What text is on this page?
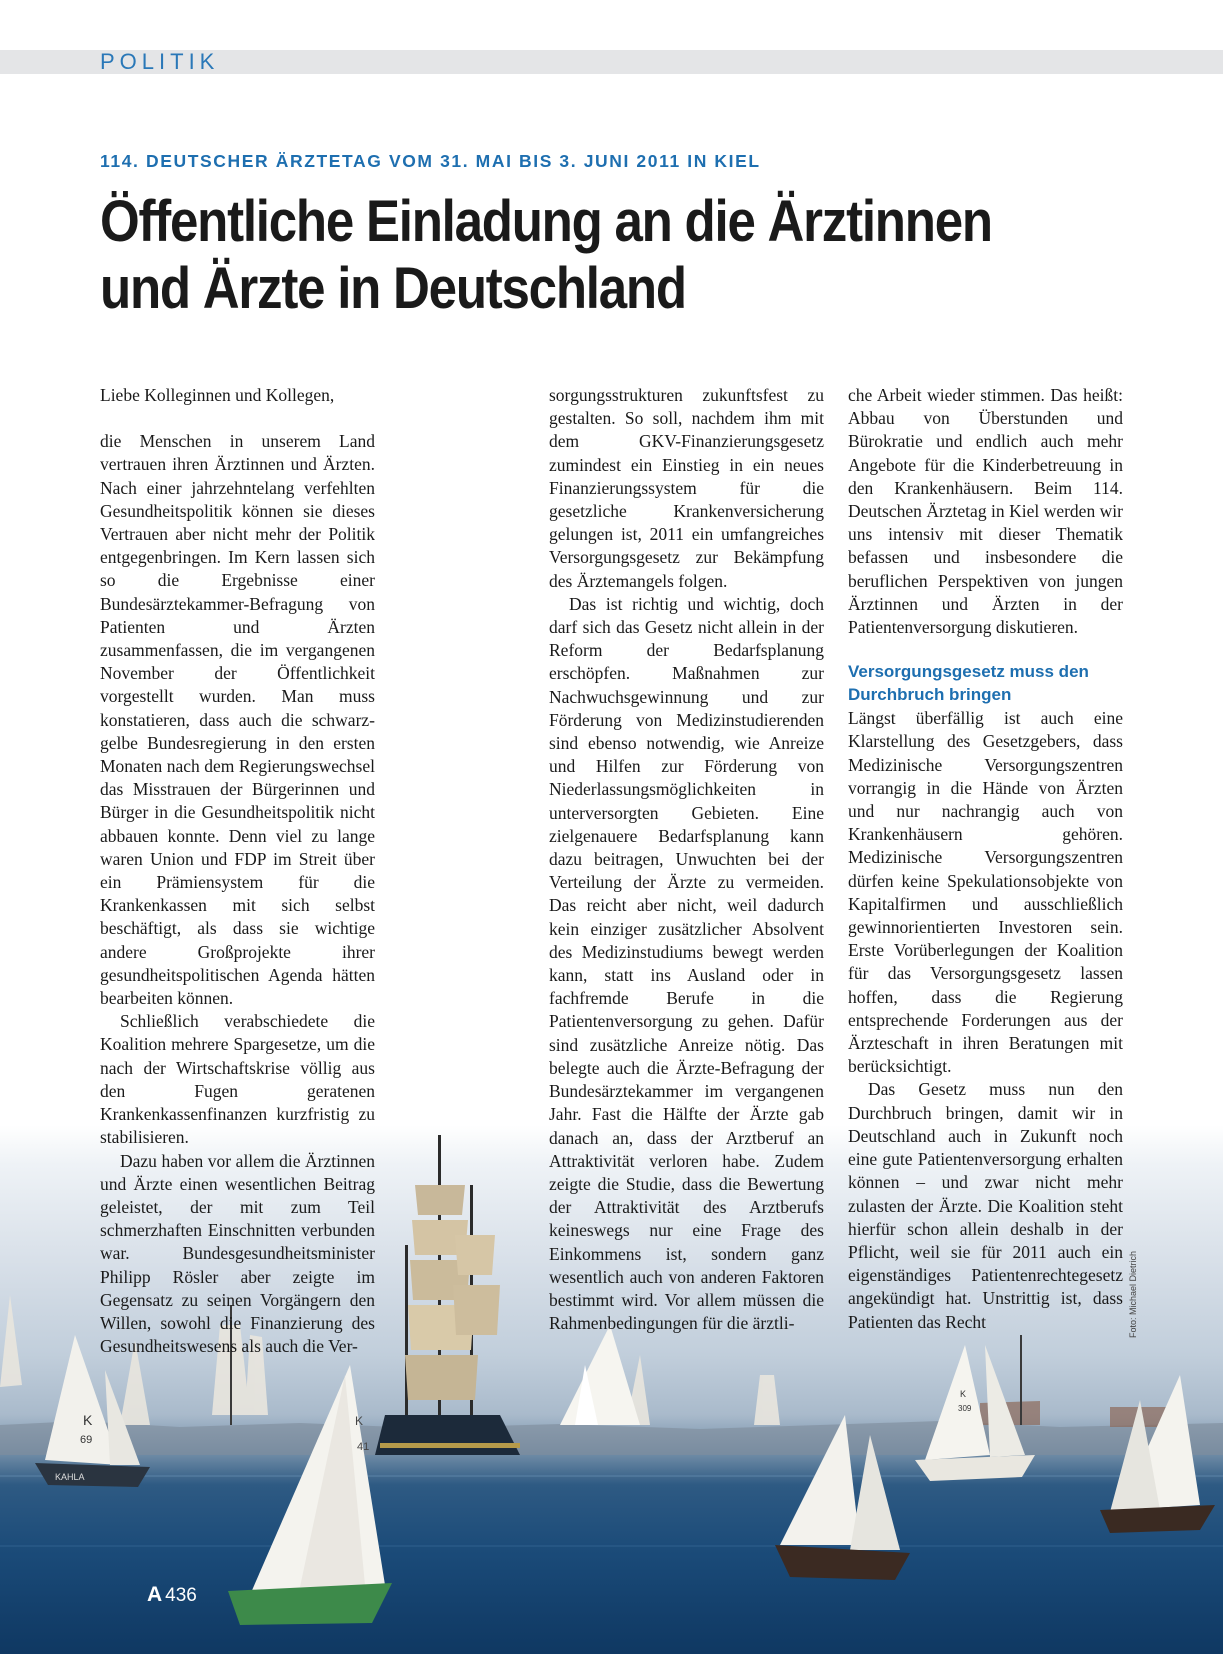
POLITIK
114. DEUTSCHER ÄRZTETAG VOM 31. MAI BIS 3. JUNI 2011 IN KIEL
Öffentliche Einladung an die Ärztinnen
und Ärzte in Deutschland
K
69
KAHLA
K
41
K
309

Liebe Kolleginnen und Kollegen,

die Menschen in unserem Land vertrauen ihren Ärztinnen und Ärzten. Nach einer jahrzehntelang verfehlten Gesundheitspolitik können sie dieses Vertrauen aber nicht mehr der Politik entgegenbringen. Im Kern lassen sich so die Ergebnisse einer Bundesärztekammer-Befragung von Patienten und Ärzten zusammenfassen, die im vergangenen November der Öffentlichkeit vorgestellt wurden. Man muss konstatieren, dass auch die schwarz-gelbe Bundesregierung in den ersten Monaten nach dem Regierungswechsel das Misstrauen der Bürgerinnen und Bürger in die Gesundheitspolitik nicht abbauen konnte. Denn viel zu lange waren Union und FDP im Streit über ein Prämiensystem für die Krankenkassen mit sich selbst beschäftigt, als dass sie wichtige andere Großprojekte ihrer gesundheitspolitischen Agenda hätten bearbeiten können.

Schließlich verabschiedete die Koalition mehrere Spargesetze, um die nach der Wirtschaftskrise völlig aus den Fugen geratenen Krankenkassenfinanzen kurzfristig zu stabilisieren.

Dazu haben vor allem die Ärztinnen und Ärzte einen wesentlichen Beitrag geleistet, der mit zum Teil schmerzhaften Einschnitten verbunden war. Bundesgesundheitsminister Philipp Rösler aber zeigte im Gegensatz zu seinen Vorgängern den Willen, sowohl die Finanzierung des Gesundheitswesens als auch die Ver-

sorgungsstrukturen zukunftsfest zu gestalten. So soll, nachdem ihm mit dem GKV-Finanzierungsgesetz zumindest ein Einstieg in ein neues Finanzierungssystem für die gesetzliche Krankenversicherung gelungen ist, 2011 ein umfangreiches Versorgungsgesetz zur Bekämpfung des Ärztemangels folgen.

Das ist richtig und wichtig, doch darf sich das Gesetz nicht allein in der Reform der Bedarfsplanung erschöpfen. Maßnahmen zur Nachwuchsgewinnung und zur Förderung von Medizinstudierenden sind ebenso notwendig, wie Anreize und Hilfen zur Förderung von Niederlassungsmöglichkeiten in unterversorgten Gebieten. Eine zielgenauere Bedarfsplanung kann dazu beitragen, Unwuchten bei der Verteilung der Ärzte zu vermeiden. Das reicht aber nicht, weil dadurch kein einziger zusätzlicher Absolvent des Medizinstudiums bewegt werden kann, statt ins Ausland oder in fachfremde Berufe in die Patientenversorgung zu gehen. Dafür sind zusätzliche Anreize nötig. Das belegte auch die Ärzte-Befragung der Bundesärztekammer im vergangenen Jahr. Fast die Hälfte der Ärzte gab danach an, dass der Arztberuf an Attraktivität verloren habe. Zudem zeigte die Studie, dass die Bewertung der Attraktivität des Arztberufs keineswegs nur eine Frage des Einkommens ist, sondern ganz wesentlich auch von anderen Faktoren bestimmt wird. Vor allem müssen die Rahmenbedingungen für die ärztli-

che Arbeit wieder stimmen. Das heißt: Abbau von Überstunden und Bürokratie und endlich auch mehr Angebote für die Kinderbetreuung in den Krankenhäusern. Beim 114. Deutschen Ärztetag in Kiel werden wir uns intensiv mit dieser Thematik befassen und insbesondere die beruflichen Perspektiven von jungen Ärztinnen und Ärzten in der Patientenversorgung diskutieren.

Versorgungsgesetz muss den Durchbruch bringen

Längst überfällig ist auch eine Klarstellung des Gesetzgebers, dass Medizinische Versorgungszentren vorrangig in die Hände von Ärzten und nur nachrangig auch von Krankenhäusern gehören. Medizinische Versorgungszentren dürfen keine Spekulationsobjekte von Kapitalfirmen und ausschließlich gewinnorientierten Investoren sein. Erste Vorüberlegungen der Koalition für das Versorgungsgesetz lassen hoffen, dass die Regierung entsprechende Forderungen aus der Ärzteschaft in ihren Beratungen mit berücksichtigt.

Das Gesetz muss nun den Durchbruch bringen, damit wir in Deutschland auch in Zukunft noch eine gute Patientenversorgung erhalten können – und zwar nicht mehr zulasten der Ärzte. Die Koalition steht hierfür schon allein deshalb in der Pflicht, weil sie für 2011 auch ein eigenständiges Patientenrechtegesetz angekündigt hat. Unstrittig ist, dass Patienten das Recht	Foto: Michael Dietrich
A 436
